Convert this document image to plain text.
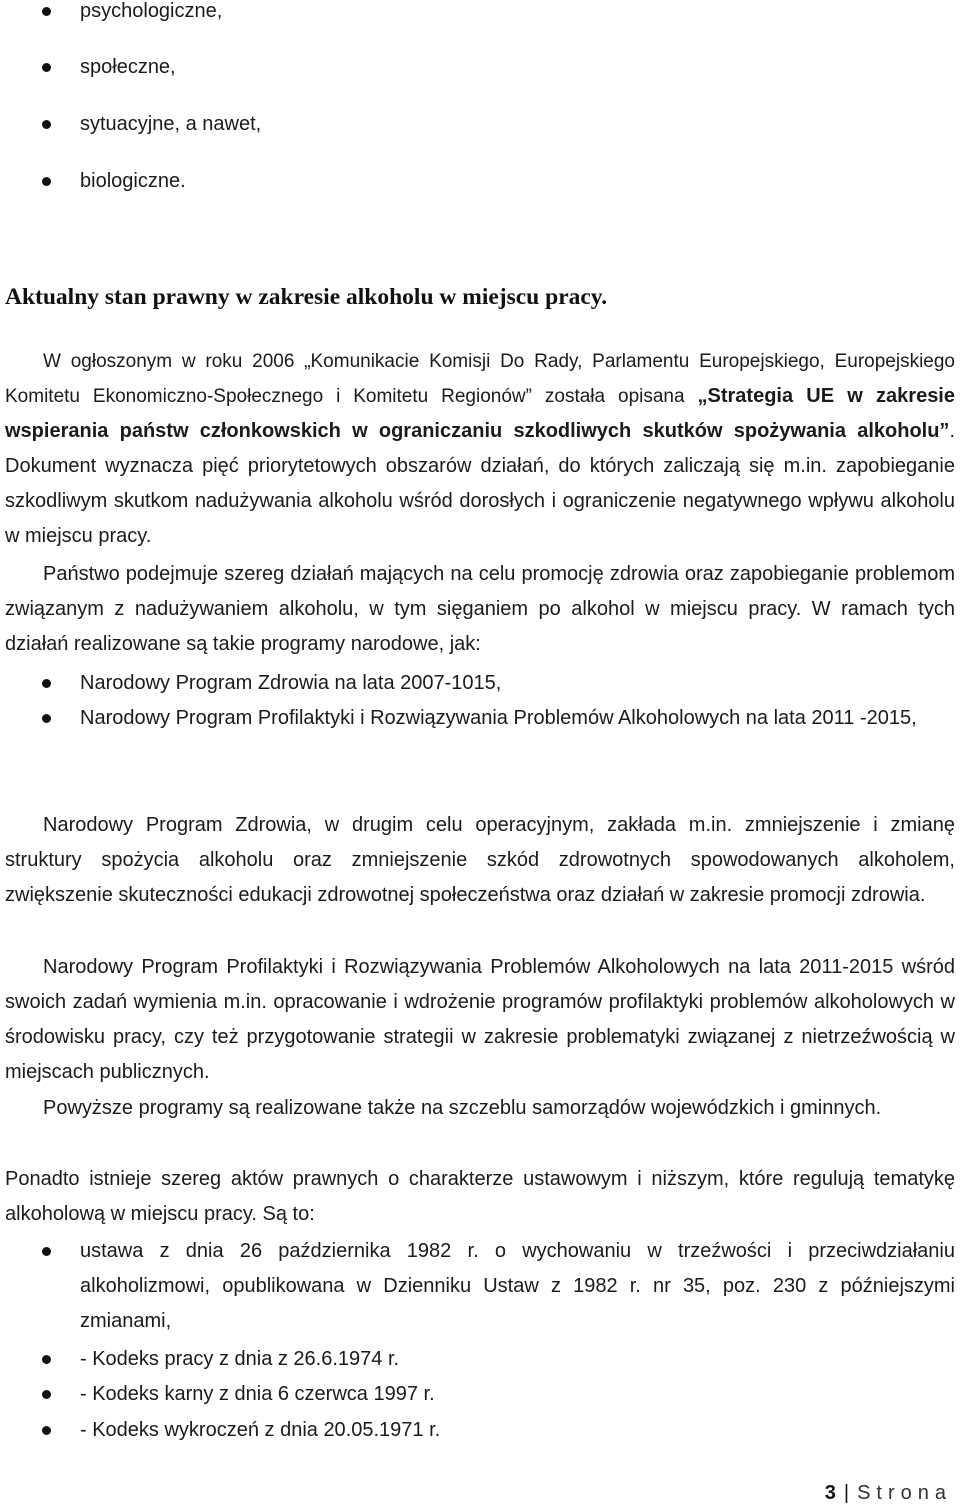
psychologiczne,
społeczne,
sytuacyjne, a nawet,
biologiczne.
Aktualny stan prawny w zakresie alkoholu w miejscu pracy.

W ogłoszonym w roku 2006 „Komunikacie Komisji Do Rady, Parlamentu Europejskiego, Europejskiego Komitetu Ekonomiczno-Społecznego i Komitetu Regionów” została opisana „Strategia UE w zakresie wspierania państw członkowskich w ograniczaniu szkodliwych skutków spożywania alkoholu”. Dokument wyznacza pięć priorytetowych obszarów działań, do których zaliczają się m.in. zapobieganie szkodliwym skutkom nadużywania alkoholu wśród dorosłych i ograniczenie negatywnego wpływu alkoholu w miejscu pracy.

Państwo podejmuje szereg działań mających na celu promocję zdrowia oraz zapobieganie problemom związanym z nadużywaniem alkoholu, w tym sięganiem po alkohol w miejscu pracy. W ramach tych działań realizowane są takie programy narodowe, jak:

Narodowy Program Zdrowia na lata 2007-1015,
Narodowy Program Profilaktyki i Rozwiązywania Problemów Alkoholowych na lata 2011 -2015,

Narodowy Program Zdrowia, w drugim celu operacyjnym, zakłada m.in. zmniejszenie i zmianę struktury spożycia alkoholu oraz zmniejszenie szkód zdrowotnych spowodowanych alkoholem, zwiększenie skuteczności edukacji zdrowotnej społeczeństwa oraz działań w zakresie promocji zdrowia.

Narodowy Program Profilaktyki i Rozwiązywania Problemów Alkoholowych na lata 2011-2015 wśród swoich zadań wymienia m.in. opracowanie i wdrożenie programów profilaktyki problemów alkoholowych w środowisku pracy, czy też przygotowanie strategii w zakresie problematyki związanej z nietrzeźwością w miejscach publicznych.

Powyższe programy są realizowane także na szczeblu samorządów wojewódzkich i gminnych.

Ponadto istnieje szereg aktów prawnych o charakterze ustawowym i niższym, które regulują tematykę alkoholową w miejscu pracy. Są to:

ustawa z dnia 26 października 1982 r. o wychowaniu w trzeźwości i przeciwdziałaniu alkoholizmowi, opublikowana w Dzienniku Ustaw z 1982 r. nr 35, poz. 230 z późniejszymi zmianami,
- Kodeks pracy z dnia z 26.6.1974 r.
- Kodeks karny z dnia 6 czerwca 1997 r.
- Kodeks wykroczeń z dnia 20.05.1971 r.
3 | Strona
